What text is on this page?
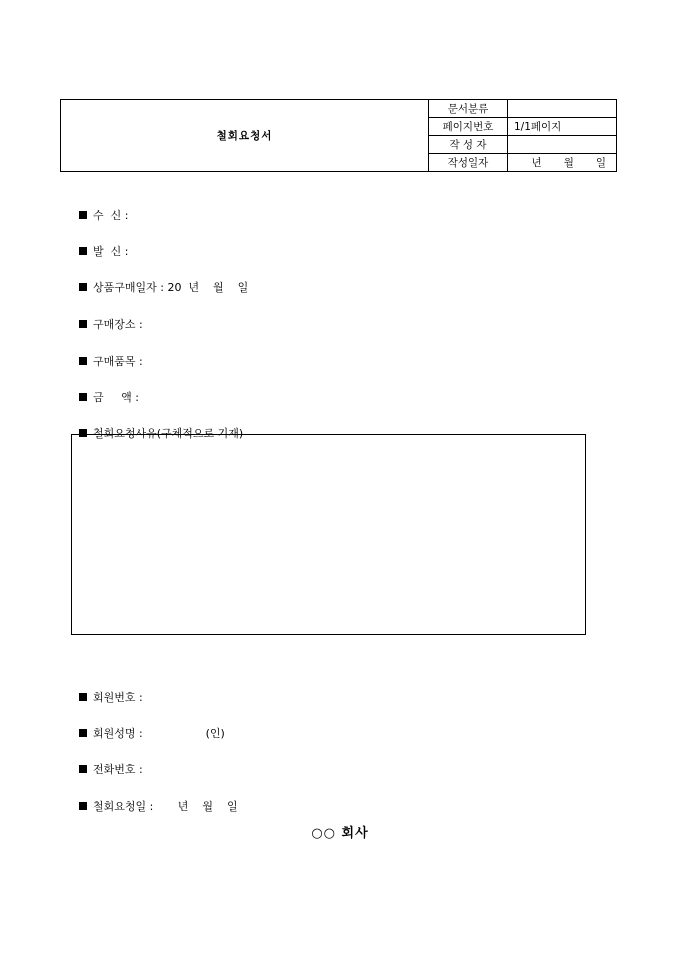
철회요청서	문서분류	
	페이지번호	1/1페이지
	작 성 자	
	작성일자	년 월 일

수  신 :

발  신 :

상품구매일자 : 20  년    월    일

구매장소 :

구매품목 :

금     액 :

철회요청사유(구체적으로 기재)

회원번호 :

회원성명 :                  (인)

전화번호 :

철회요청일 :       년    월    일

○○ 회사
